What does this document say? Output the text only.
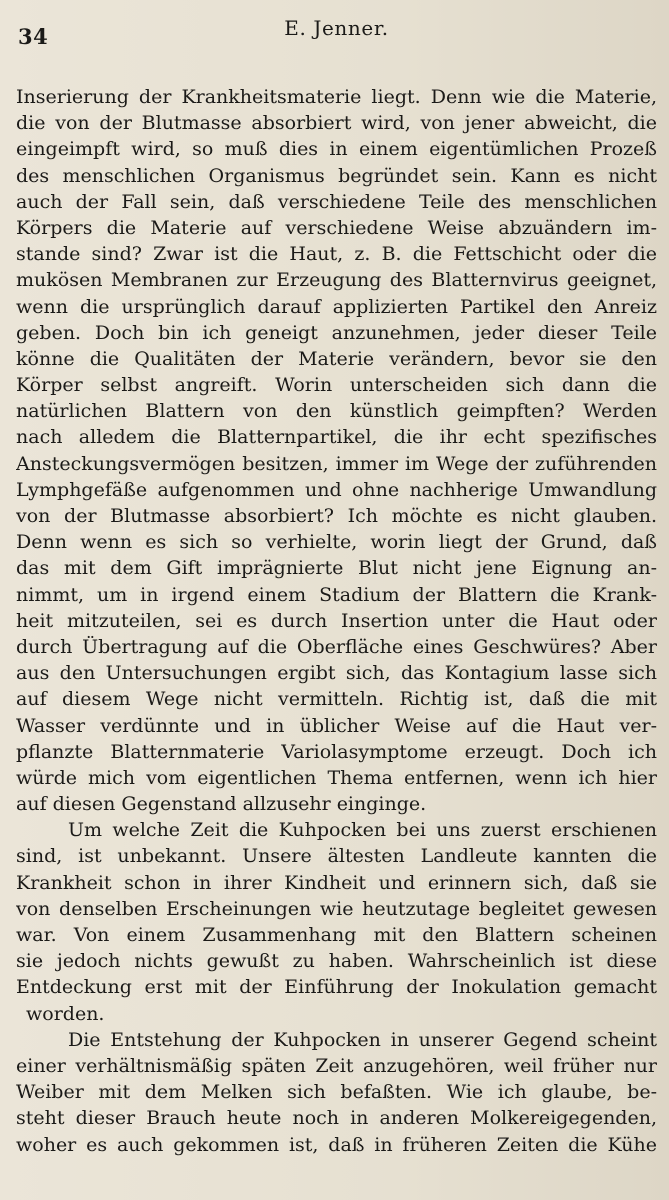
34	E. Jenner.
Inserierung der Krankheitsmaterie liegt. Denn wie die Materie,
die von der Blutmasse absorbiert wird, von jener abweicht, die
eingeimpft wird, so muß dies in einem eigentümlichen Prozeß
des menschlichen Organismus begründet sein. Kann es nicht
auch der Fall sein, daß verschiedene Teile des menschlichen
Körpers die Materie auf verschiedene Weise abzuändern im-
stande sind? Zwar ist die Haut, z. B. die Fettschicht oder die
mukösen Membranen zur Erzeugung des Blatternvirus geeignet,
wenn die ursprünglich darauf applizierten Partikel den Anreiz
geben. Doch bin ich geneigt anzunehmen, jeder dieser Teile
könne die Qualitäten der Materie verändern, bevor sie den
Körper selbst angreift. Worin unterscheiden sich dann die
natürlichen Blattern von den künstlich geimpften? Werden
nach alledem die Blatternpartikel, die ihr echt spezifisches
Ansteckungsvermögen besitzen, immer im Wege der zuführenden
Lymphgefäße aufgenommen und ohne nachherige Umwandlung
von der Blutmasse absorbiert? Ich möchte es nicht glauben.
Denn wenn es sich so verhielte, worin liegt der Grund, daß
das mit dem Gift imprägnierte Blut nicht jene Eignung an-
nimmt, um in irgend einem Stadium der Blattern die Krank-
heit mitzuteilen, sei es durch Insertion unter die Haut oder
durch Übertragung auf die Oberfläche eines Geschwüres? Aber
aus den Untersuchungen ergibt sich, das Kontagium lasse sich
auf diesem Wege nicht vermitteln. Richtig ist, daß die mit
Wasser verdünnte und in üblicher Weise auf die Haut ver-
pflanzte Blatternmaterie Variolasymptome erzeugt. Doch ich
würde mich vom eigentlichen Thema entfernen, wenn ich hier
auf diesen Gegenstand allzusehr einginge.
Um welche Zeit die Kuhpocken bei uns zuerst erschienen
sind, ist unbekannt. Unsere ältesten Landleute kannten die
Krankheit schon in ihrer Kindheit und erinnern sich, daß sie
von denselben Erscheinungen wie heutzutage begleitet gewesen
war. Von einem Zusammenhang mit den Blattern scheinen
sie jedoch nichts gewußt zu haben. Wahrscheinlich ist diese
Entdeckung erst mit der Einführung der Inokulation gemacht
worden.
Die Entstehung der Kuhpocken in unserer Gegend scheint
einer verhältnismäßig späten Zeit anzugehören, weil früher nur
Weiber mit dem Melken sich befaßten. Wie ich glaube, be-
steht dieser Brauch heute noch in anderen Molkereigegenden,
woher es auch gekommen ist, daß in früheren Zeiten die Kühe
